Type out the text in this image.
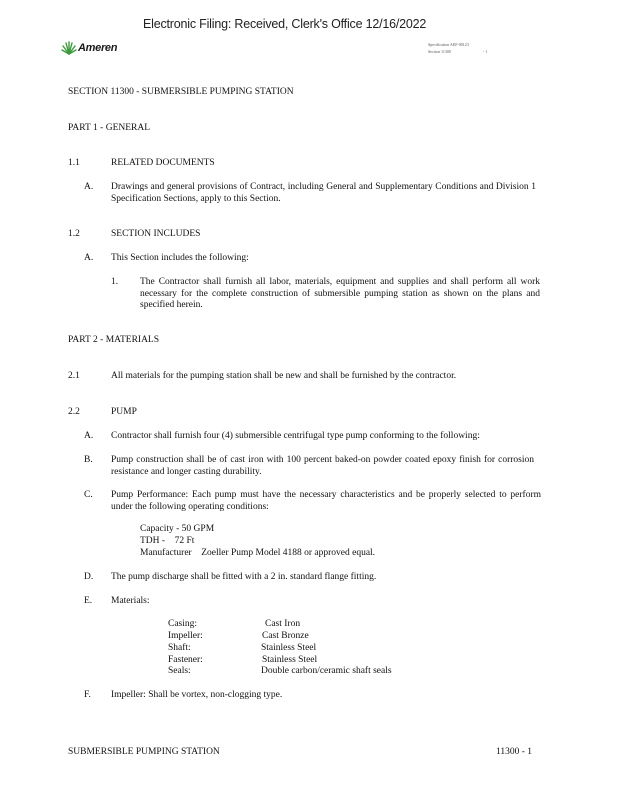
Electronic Filing: Received, Clerk's Office 12/16/2022
Ameren	Specification AEF-00123
Section 11300	- 1
SECTION 11300 - SUBMERSIBLE PUMPING STATION
PART 1 - GENERAL
1.1	RELATED DOCUMENTS
A. Drawings and general provisions of Contract, including General and Supplementary Conditions and Division 1 Specification Sections, apply to this Section.
1.2	SECTION INCLUDES
A. This Section includes the following:
1. The Contractor shall furnish all labor, materials, equipment and supplies and shall perform all work necessary for the complete construction of submersible pumping station as shown on the plans and specified herein.
PART 2 - MATERIALS
2.1	All materials for the pumping station shall be new and shall be furnished by the contractor.
2.2	PUMP
A. Contractor shall furnish four (4) submersible centrifugal type pump conforming to the following:
B. Pump construction shall be of cast iron with 100 percent baked-on powder coated epoxy finish for corrosion resistance and longer casting durability.
C. Pump Performance: Each pump must have the necessary characteristics and be properly selected to perform under the following operating conditions:
Capacity - 50 GPM
TDH -    72 Ft
Manufacturer    Zoeller Pump Model 4188 or approved equal.
D. The pump discharge shall be fitted with a 2 in. standard flange fitting.
E. Materials:
Casing:	Cast Iron
Impeller:	Cast Bronze
Shaft:	Stainless Steel
Fastener:	Stainless Steel
Seals:	Double carbon/ceramic shaft seals
F. Impeller: Shall be vortex, non-clogging type.
SUBMERSIBLE PUMPING STATION	11300 - 1
